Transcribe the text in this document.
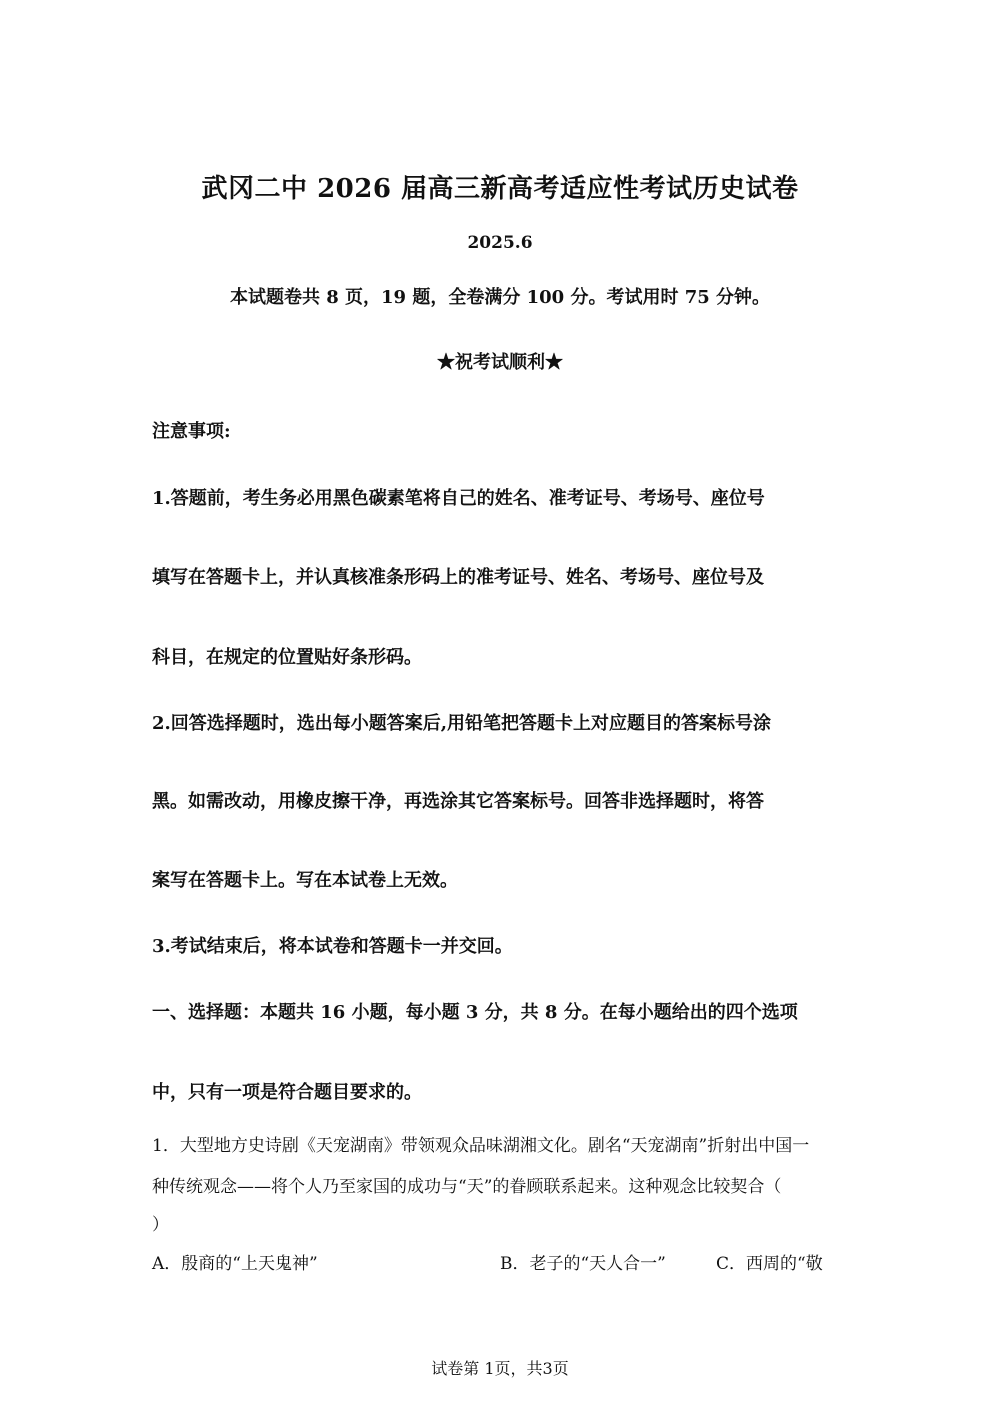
武冈二中 2026 届高三新高考适应性考试历史试卷
2025.6
本试题卷共 8 页，19 题，全卷满分 100 分。考试用时 75 分钟。
★祝考试顺利★
注意事项:
1.答题前，考生务必用黑色碳素笔将自己的姓名、准考证号、考场号、座位号
填写在答题卡上，并认真核准条形码上的准考证号、姓名、考场号、座位号及
科目，在规定的位置贴好条形码。
2.回答选择题时，选出每小题答案后,用铅笔把答题卡上对应题目的答案标号涂
黑。如需改动，用橡皮擦干净，再选涂其它答案标号。回答非选择题时，将答
案写在答题卡上。写在本试卷上无效。
3.考试结束后，将本试卷和答题卡一并交回。
一、选择题：本题共 16 小题，每小题 3 分，共 8 分。在每小题给出的四个选项
中，只有一项是符合题目要求的。
1．大型地方史诗剧《天宠湖南》带领观众品味湖湘文化。剧名“天宠湖南”折射出中国一
种传统观念——将个人乃至家国的成功与“天”的眷顾联系起来。这种观念比较契合（
）
A．殷商的“上天鬼神”	B．老子的“天人合一”	C．西周的“敬
试卷第 1页，共3页
